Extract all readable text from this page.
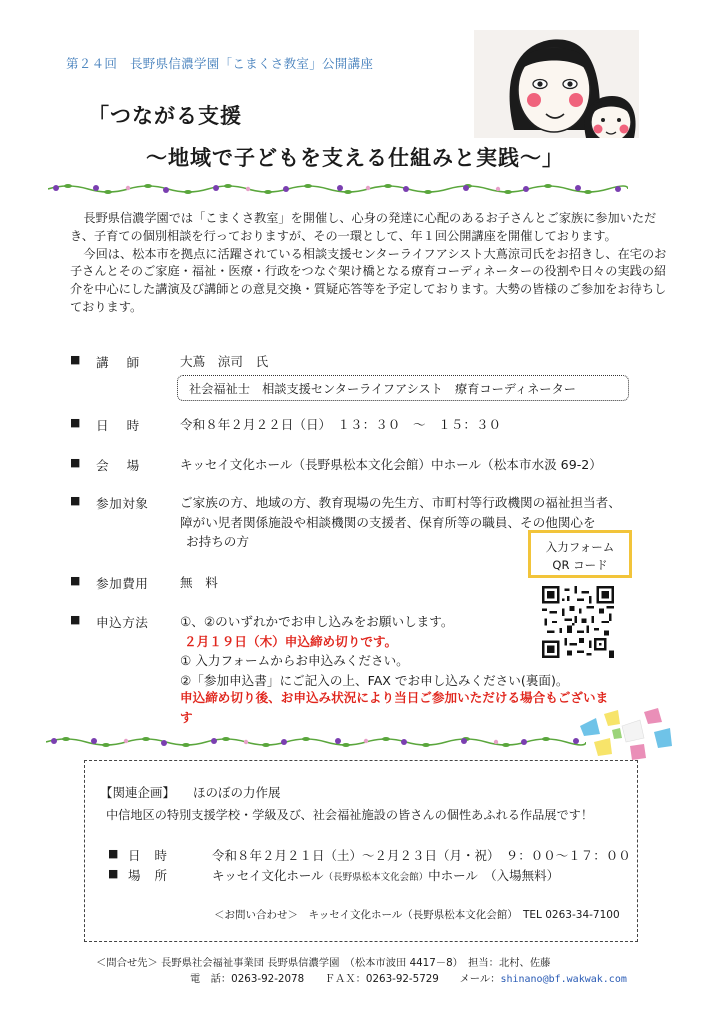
第２４回　長野県信濃学園「こまくさ教室」公開講座
「つながる支援
～地域で子どもを支える仕組みと実践～」

長野県信濃学園では「こまくさ教室」を開催し、心身の発達に心配のあるお子さんとご家族に参加いただき、子育ての個別相談を行っておりますが、その一環として、年１回公開講座を開催しております。

今回は、松本市を拠点に活躍されている相談支援センターライフアシスト大蔦涼司氏をお招きし、在宅のお子さんとそのご家庭・福祉・医療・行政をつなぐ架け橋となる療育コーディネーターの役割や日々の実践の紹介を中心にした講演及び講師との意見交換・質疑応答等を予定しております。大勢の皆様のご参加をお待ちしております。

■	講師	大蔦　涼司　氏
社会福祉士　相談支援センターライフアシスト　療育コーディネーター
■	日時	令和８年２月２２日（日）　１３：３０　～　１５：３０
■	会場	キッセイ文化ホール（長野県松本文化会館）中ホール（松本市水汲 69-2）
■	参加対象	ご家族の方、地域の方、教育現場の先生方、市町村等行政機関の福祉担当者、
障がい児者関係施設や相談機関の支援者、保育所等の職員、その他関心を
お持ちの方
■	参加費用	無　料
■	申込方法	①、②のいずれかでお申し込みをお願いします。
２月１９日（木）申込締め切りです。
① 入力フォームからお申込みください。
②「参加申込書」にご記入の上、FAX でお申し込みください(裏面)。
申込締め切り後、お申込み状況により当日ご参加いただける場合もございます
入力フォーム
QR コード
【関連企画】 ほのぼの力作展
中信地区の特別支援学校・学級及び、社会福祉施設の皆さんの個性あふれる作品展です！
■ 日時	令和８年２月２１日（土）～２月２３日（月・祝）　９：００～１７：００
■ 場所	キッセイ文化ホール（長野県松本文化会館）中ホール　（入場無料）
＜お問い合わせ＞　キッセイ文化ホール（長野県松本文化会館）　TEL 0263-34-7100
＜問合せ先＞ 長野県社会福祉事業団 長野県信濃学園　（松本市波田 4417－8）　担当：北村、佐藤
電　話：0263-92-2078　　ＦＡＸ：0263-92-5729　　メール：shinano@bf.wakwak.com
